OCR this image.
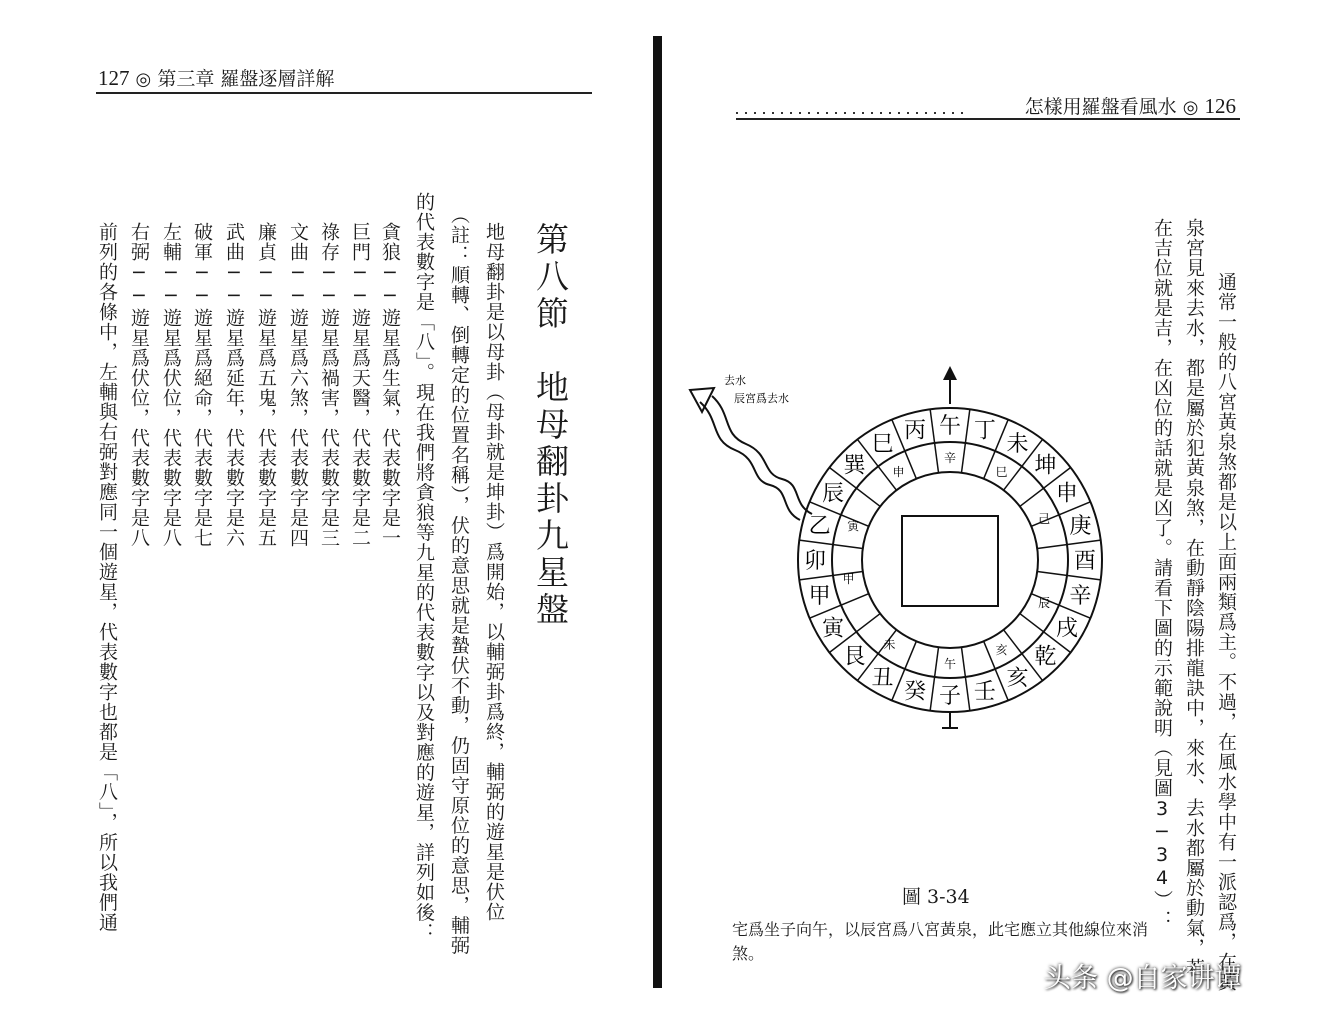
127 ◎ 第三章 羅盤逐層詳解
第八節　地母翻卦九星盤
地母翻卦是以母卦（母卦就是坤卦）爲開始，以輔弼卦爲終，輔弼的遊星是伏位
（註：順轉、倒轉定的位置名稱），伏的意思就是蟄伏不動，仍固守原位的意思，輔弼
的代表數字是「八」。現在我們將貪狼等九星的代表數字以及對應的遊星，詳列如後：
貪狼──遊星爲生氣，代表數字是一
巨門──遊星爲天醫，代表數字是二
祿存──遊星爲禍害，代表數字是三
文曲──遊星爲六煞，代表數字是四
廉貞──遊星爲五鬼，代表數字是五
武曲──遊星爲延年，代表數字是六
破軍──遊星爲絕命，代表數字是七
左輔──遊星爲伏位，代表數字是八
右弼──遊星爲伏位，代表數字是八
前列的各條中，左輔與右弼對應同一個遊星，代表數字也都是「八」，所以我們通
怎樣用羅盤看風水 ◎ 126
　通常一般的八宮黃泉煞都是以上面兩類爲主。不過，在風水學中有一派認爲，在黃
泉宮見來去水，都是屬於犯黃泉煞，在動靜陰陽排龍訣中，來水、去水都屬於動氣，若
在吉位就是吉，在凶位的話就是凶了。請看下圖的示範說明（見圖3─34）：
去水
辰宮爲去水
午 丁
未
坤
申
庚
酉
辛
戌
乾
亥
壬
子
癸
丑
艮
寅
甲
卯
乙
辰
巽
巳
丙
辛
巳
己
辰
亥
午
未
甲
寅
申
圖 3-34
宅爲坐子向午，以辰宮爲八宮黃泉，此宅應立其他線位來消煞。
头条 @自家讲谭
